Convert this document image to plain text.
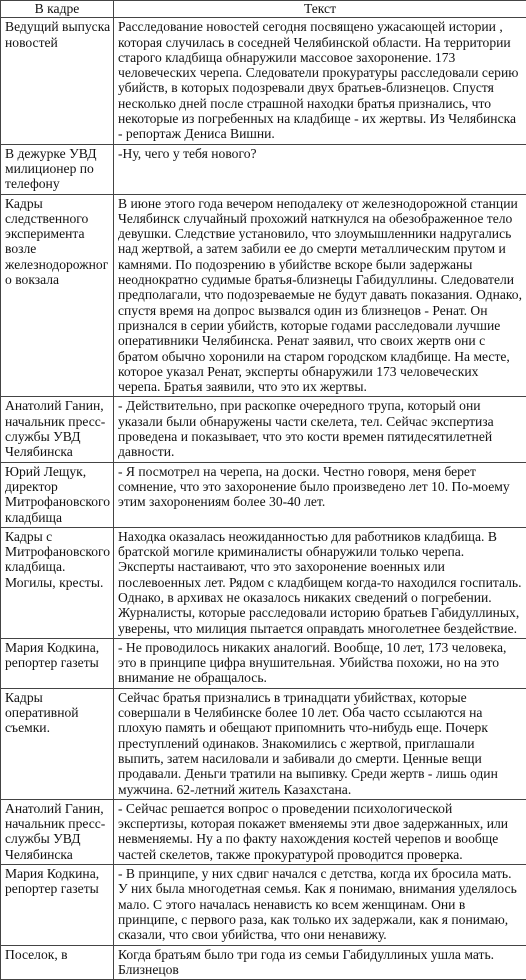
В кадре	Текст
Ведущий выпуска новостей	Расследование новостей сегодня посвящено ужасающей истории , которая случилась в соседней Челябинской области. На территории старого кладбища обнаружили массовое захоронение. 173 человеческих черепа. Следователи прокуратуры расследовали серию убийств, в которых подозревали двух братьев-близнецов. Спустя несколько дней после страшной находки братья признались, что некоторые из погребенных на кладбище - их жертвы. Из Челябинска - репортаж Дениса Вишни.
В дежурке УВД милиционер по телефону	-Ну, чего у тебя нового?
Кадры следственного эксперимента возле железнодорожного вокзала	В июне этого года вечером неподалеку от железнодорожной станции Челябинск случайный прохожий наткнулся на обезображенное тело девушки. Следствие установило, что злоумышленники надругались над жертвой, а затем забили ее до смерти металлическим прутом и камнями. По подозрению в убийстве вскоре были задержаны неоднократно судимые братья-близнецы Габидуллины. Следователи предполагали, что подозреваемые не будут давать показания. Однако, спустя время на допрос вызвался один из близнецов - Ренат. Он признался в серии убийств, которые годами расследовали лучшие оперативники Челябинска. Ренат заявил, что своих жертв они с братом обычно хоронили на старом городском кладбище. На месте, которое указал Ренат, эксперты обнаружили 173 человеческих черепа. Братья заявили, что это их жертвы.
Анатолий Ганин, начальник пресс-службы УВД Челябинска	- Действительно, при раскопке очередного трупа, который они указали были обнаружены части скелета, тел. Сейчас экспертиза проведена и показывает, что это кости времен пятидесятилетней давности.
Юрий Лещук, директор Митрофановского кладбища	- Я посмотрел на черепа, на доски. Честно говоря, меня берет сомнение, что это захоронение было произведено лет 10. По-моему этим захоронениям более 30-40 лет.
Кадры с Митрофановского кладбища. Могилы, кресты.	Находка оказалась неожиданностью для работников кладбища. В братской могиле криминалисты обнаружили только черепа. Эксперты настаивают, что это захоронение военных или послевоенных лет. Рядом с кладбищем когда-то находился госпиталь. Однако, в архивах не оказалось никаких сведений о погребении. Журналисты, которые расследовали историю братьев Габидуллиных, уверены, что милиция пытается оправдать многолетнее бездействие.
Мария Кодкина, репортер газеты	- Не проводилось никаких аналогий. Вообще, 10 лет, 173 человека, это в принципе цифра внушительная. Убийства похожи, но на это внимание не обращалось.
Кадры оперативной съемки.	Сейчас братья признались в тринадцати убийствах, которые совершали в Челябинске более 10 лет. Оба часто ссылаются на плохую память и обещают припомнить что-нибудь еще. Почерк преступлений одинаков. Знакомились с жертвой, приглашали выпить, затем насиловали и забивали до смерти. Ценные вещи продавали. Деньги тратили на выпивку. Среди жертв - лишь один мужчина. 62-летний житель Казахстана.
Анатолий Ганин, начальник пресс-службы УВД Челябинска	- Сейчас решается вопрос о проведении психологической экспертизы, которая покажет вменяемы эти двое задержанных, или невменяемы. Ну а по факту нахождения костей черепов и вообще частей скелетов, также прокуратурой проводится проверка.
Мария Кодкина, репортер газеты	- В принципе, у них сдвиг начался с детства, когда их бросила мать. У них была многодетная семья. Как я понимаю, внимания уделялось мало. С этого началась ненависть ко всем женщинам. Они в принципе, с первого раза, как только их задержали, как я понимаю, сказали, что свои убийства, что они ненавижу.
Поселок, в	Когда братьям было три года из семьи Габидуллиных ушла мать. Близнецов
